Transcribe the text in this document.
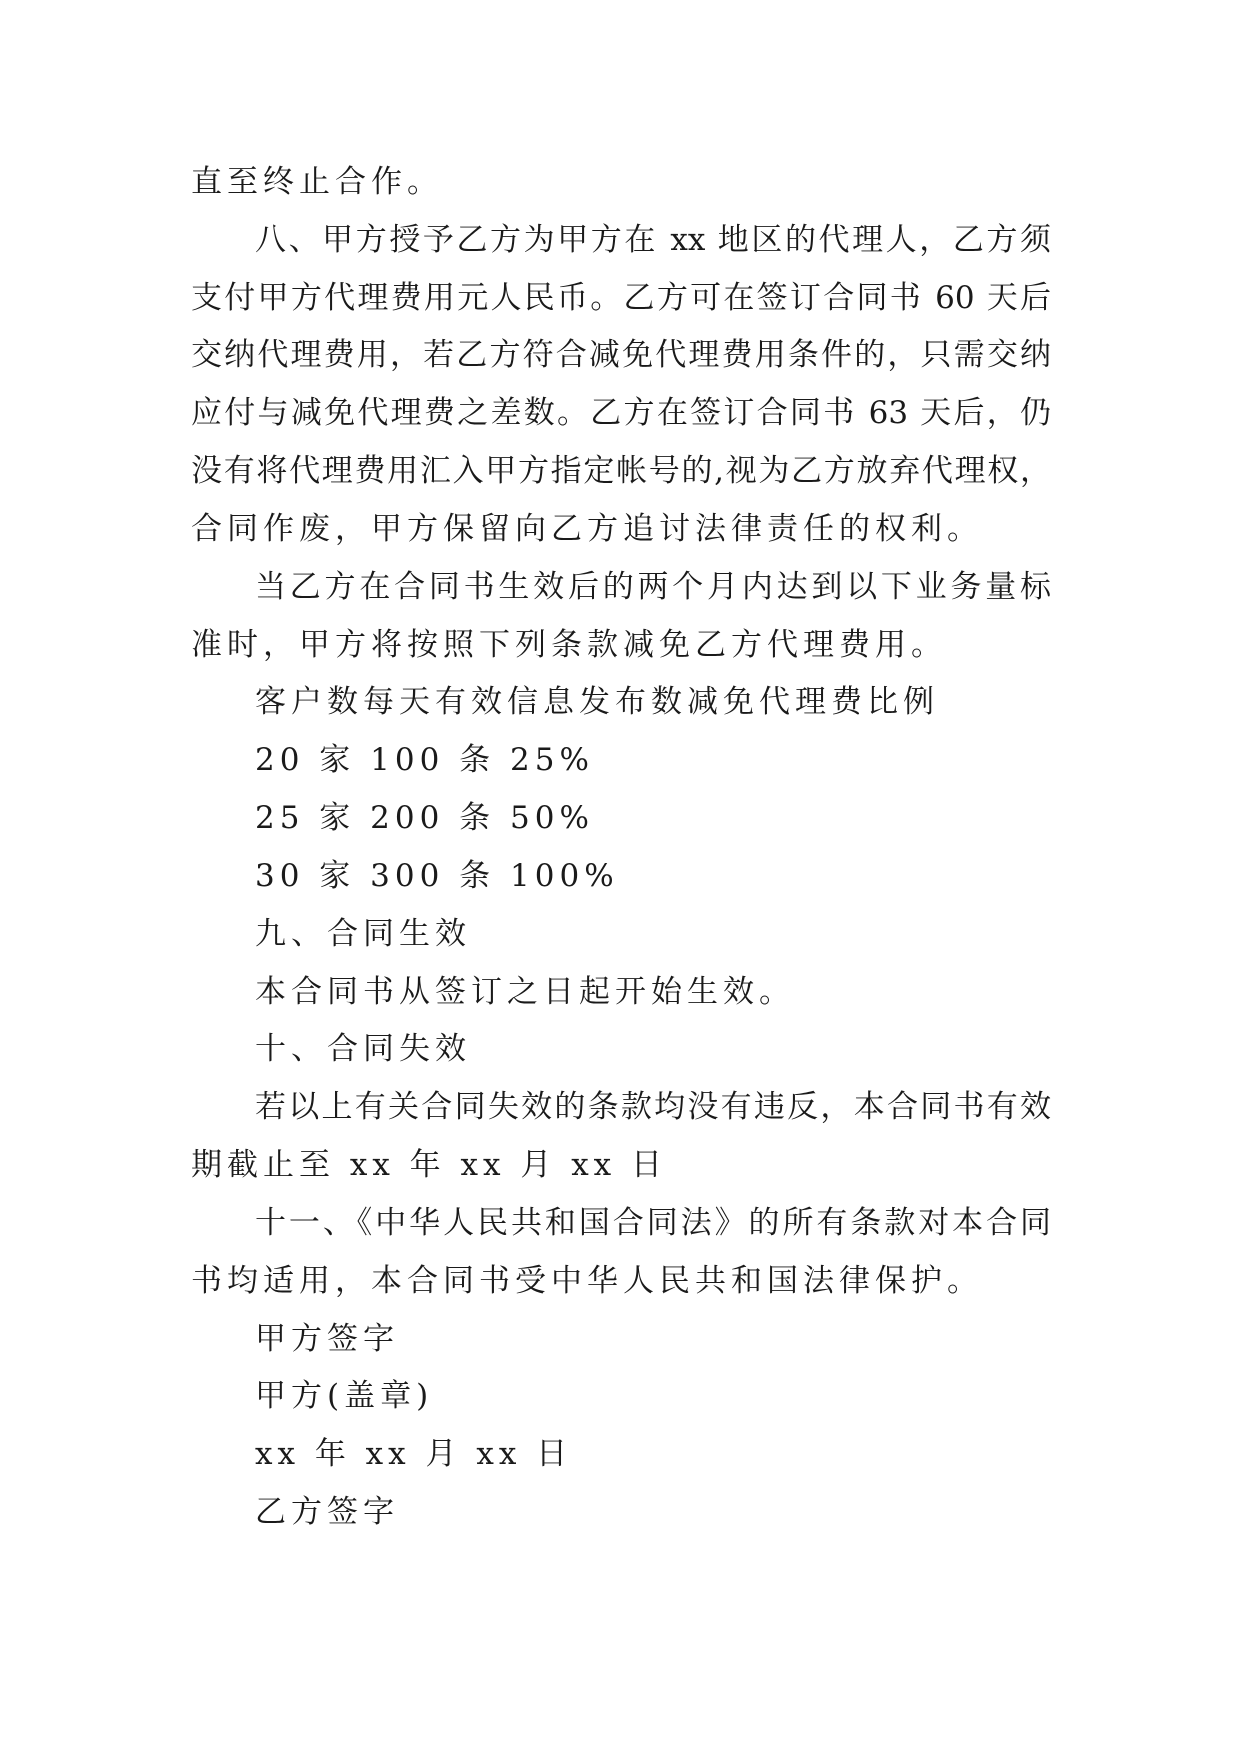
直至终止合作。
八、甲方授予乙方为甲方在 xx 地区的代理人，乙方须
支付甲方代理费用元人民币。乙方可在签订合同书 60 天后
交纳代理费用，若乙方符合减免代理费用条件的，只需交纳
应付与减免代理费之差数。乙方在签订合同书 63 天后，仍
没有将代理费用汇入甲方指定帐号的,视为乙方放弃代理权，
合同作废，甲方保留向乙方追讨法律责任的权利。
当乙方在合同书生效后的两个月内达到以下业务量标
准时，甲方将按照下列条款减免乙方代理费用。
客户数每天有效信息发布数减免代理费比例
20 家 100 条 25%
25 家 200 条 50%
30 家 300 条 100%
九、合同生效
本合同书从签订之日起开始生效。
十、合同失效
若以上有关合同失效的条款均没有违反，本合同书有效
期截止至 xx 年 xx 月 xx 日
十一、《中华人民共和国合同法》的所有条款对本合同
书均适用，本合同书受中华人民共和国法律保护。
甲方签字
甲方(盖章)
xx 年 xx 月 xx 日
乙方签字
